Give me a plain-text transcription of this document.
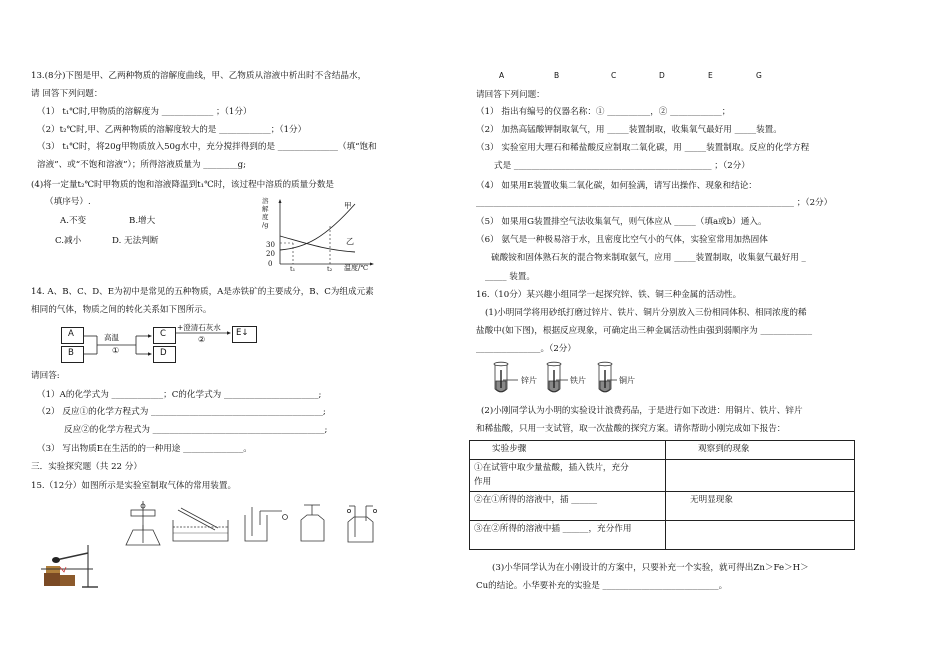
13.(8分)下图是甲、乙两种物质的溶解度曲线，甲、乙物质从溶液中析出时不含结晶水，
请 回答下列问题：
（1） t₁℃时,甲物质的溶解度为 ____________ ；（1分）
（2）t₂℃时,甲、乙两种物质的溶解度较大的是 ____________；（1分）
（3） t₁℃时，将20g甲物质放入50g水中，充分搅拌得到的是 ______________（填“饱和
溶液”、或“不饱和溶液”）；所得溶液质量为 ________g;
(4)将一定量t₂℃时甲物质的饱和溶液降温到t₁℃时，该过程中溶质的质量分数是
（填序号）.
A.不变	B.增大
C.减小	D. 无法判断
溶
解
度
/g
30
20
0
t₁	t₂ 温度/℃
甲
乙
14. A、B、C、D、E为初中是常见的五种物质，A是赤铁矿的主要成分，B、C为组成元素
相同的气体，物质之间的转化关系如下图所示。
A
B
C
D
E↓
高温
①
+澄清石灰水
②
请回答:
（1）A的化学式为 ____________；C的化学式为 ______________________;
（2） 反应①的化学方程式为 ________________________________________;
反应②的化学方程式为 ________________________________________;
（3） 写出物质E在生活的的一种用途 ______________。
三．实验探究题（共 22 分）
15.（12分）如图所示是实验室制取气体的常用装置。
A	B	C	D	E	G
请回答下列问题：
（1） 指出有编号的仪器名称：① __________，② ____________；
（2） 加热高锰酸钾制取氧气，用 _____装置制取，收集氧气最好用 _____装置。
（3） 实验室用大理石和稀盐酸反应制取二氧化碳，用 _____装置制取。反应的化学方程
式是 ______________________________________________ ；（2分）
（4） 如果用E装置收集二氧化碳，如何验满，请写出操作、现象和结论：
__________________________________________________________________________ ；（2分）
（5） 如果用G装置排空气法收集氧气，则气体应从 _____（填a或b）通入。
（6） 氨气是一种极易溶于水，且密度比空气小的气体，实验室常用加热固体
硫酸铵和固体熟石灰的混合物来制取氨气，应用 _____装置制取，收集氨气最好用 _
_____ 装置。
16.（10分）某兴趣小组同学一起探究锌、铁、铜三种金属的活动性。
(1)小明同学将用砂纸打磨过锌片、铁片、铜片分别放入三份相同体积、相同浓度的稀
盐酸中(如下图)，根据反应现象，可确定出三种金属活动性由强到弱顺序为 ____________
_______________。（2分）
锌片	铁片	铜片
(2)小刚同学认为小明的实验设计浪费药品，于是进行如下改进：用铜片、铁片、锌片
和稀盐酸，只用一支试管，取一次盐酸的探究方案。请你帮助小刚完成如下报告：
实验步骤	观察到的现象
①在试管中取少量盐酸，插入铁片，充分
作用	
②在①所得的溶液中，插 ______	无明显现象
③在②所得的溶液中插 ______，充分作用	
(3)小华同学认为在小刚设计的方案中，只要补充一个实验，就可得出Zn＞Fe＞H＞
Cu的结论。小华要补充的实验是 ___________________________。
